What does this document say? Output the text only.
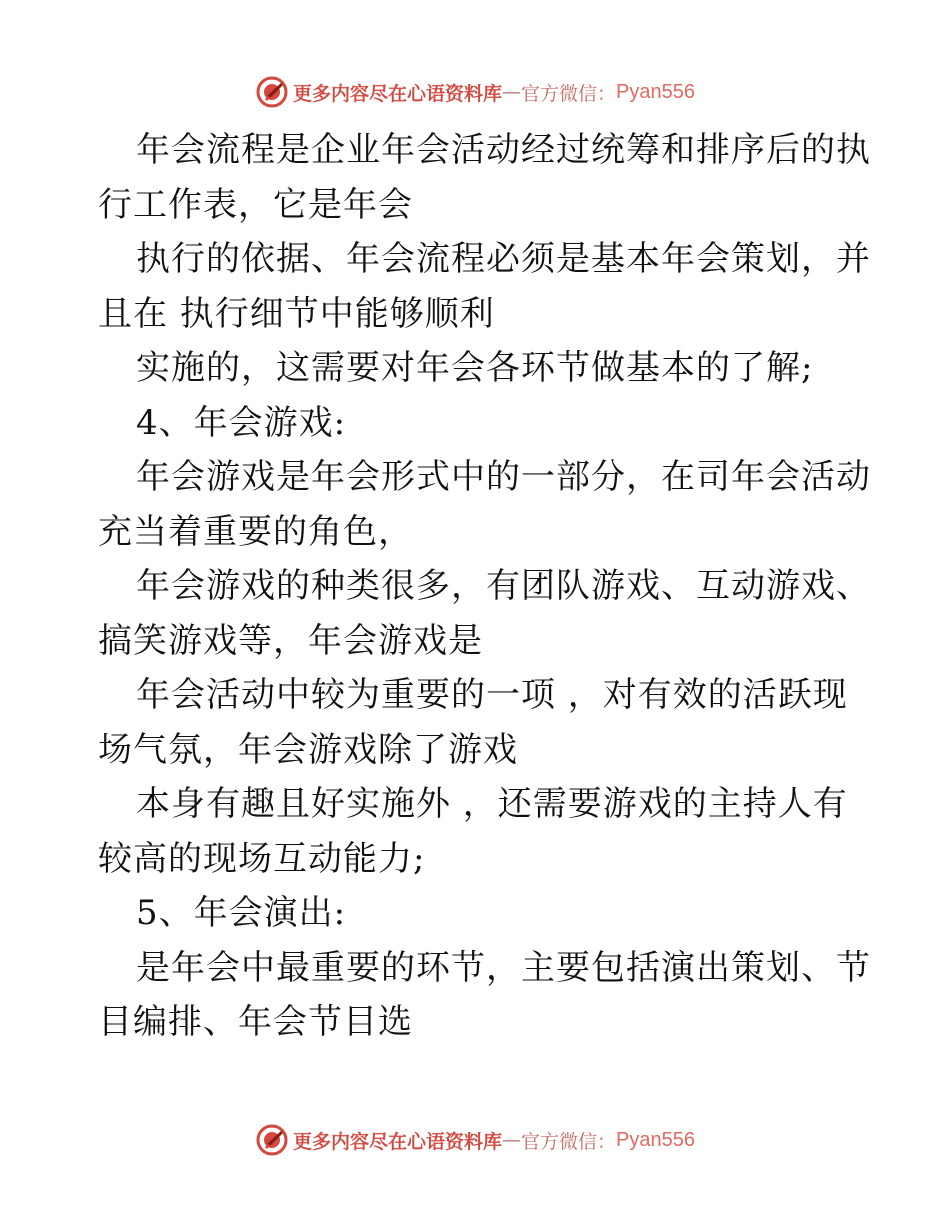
更多内容尽在心语资料库 — 官方微信： Pyan556
年会流程是企业年会活动经过统筹和排序后的执
行工作表，它是年会
执行的依据、年会流程必须是基本年会策划，并
且在 执行细节中能够顺利
实施的，这需要对年会各环节做基本的了解;
4、年会游戏:
年会游戏是年会形式中的一部分，在司年会活动
充当着重要的角色，
年会游戏的种类很多，有团队游戏、互动游戏、
搞笑游戏等，年会游戏是
年会活动中较为重要的一项 ，对有效的活跃现
场气氛，年会游戏除了游戏
本身有趣且好实施外 ，还需要游戏的主持人有
较高的现场互动能力;
5、年会演出:
是年会中最重要的环节，主要包括演出策划、节
目编排、年会节目选
更多内容尽在心语资料库 — 官方微信： Pyan556
